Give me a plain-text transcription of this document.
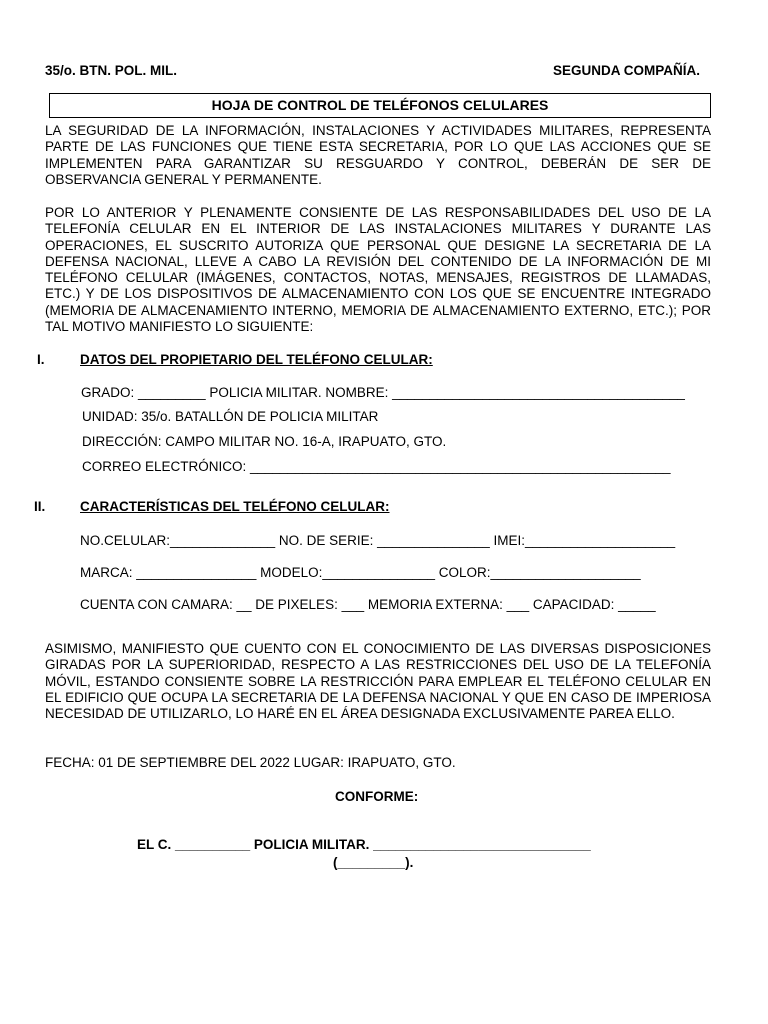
35/o. BTN. POL. MIL.	SEGUNDA COMPAÑÍA.
HOJA DE CONTROL DE TELÉFONOS CELULARES
LA SEGURIDAD DE LA INFORMACIÓN, INSTALACIONES Y ACTIVIDADES MILITARES, REPRESENTA PARTE DE LAS FUNCIONES QUE TIENE ESTA SECRETARIA, POR LO QUE LAS ACCIONES QUE SE IMPLEMENTEN PARA GARANTIZAR SU RESGUARDO Y CONTROL, DEBERÁN DE SER DE OBSERVANCIA GENERAL Y PERMANENTE.
POR LO ANTERIOR Y PLENAMENTE CONSIENTE DE LAS RESPONSABILIDADES DEL USO DE LA TELEFONÍA CELULAR EN EL INTERIOR DE LAS INSTALACIONES MILITARES Y DURANTE LAS OPERACIONES, EL SUSCRITO AUTORIZA QUE PERSONAL QUE DESIGNE LA SECRETARIA DE LA DEFENSA NACIONAL, LLEVE A CABO LA REVISIÓN DEL CONTENIDO DE LA INFORMACIÓN DE MI TELÉFONO CELULAR (IMÁGENES, CONTACTOS, NOTAS, MENSAJES, REGISTROS DE LLAMADAS, ETC.) Y DE LOS DISPOSITIVOS DE ALMACENAMIENTO CON LOS QUE SE ENCUENTRE INTEGRADO (MEMORIA DE ALMACENAMIENTO INTERNO, MEMORIA DE ALMACENAMIENTO EXTERNO, ETC.); POR TAL MOTIVO MANIFIESTO LO SIGUIENTE:
I.	DATOS DEL PROPIETARIO DEL TELÉFONO CELULAR:
GRADO: _________ POLICIA MILITAR. NOMBRE: _______________________________________
UNIDAD: 35/o. BATALLÓN DE POLICIA MILITAR
DIRECCIÓN: CAMPO MILITAR NO. 16-A, IRAPUATO, GTO.
CORREO ELECTRÓNICO: ________________________________________________________
II.	CARACTERÍSTICAS DEL TELÉFONO CELULAR:
NO.CELULAR:______________ NO. DE SERIE: _______________ IMEI:____________________
MARCA: ________________ MODELO:_______________ COLOR:____________________
CUENTA CON CAMARA: __ DE PIXELES: ___ MEMORIA EXTERNA: ___ CAPACIDAD: _____
ASIMISMO, MANIFIESTO QUE CUENTO CON EL CONOCIMIENTO DE LAS DIVERSAS DISPOSICIONES GIRADAS POR LA SUPERIORIDAD, RESPECTO A LAS RESTRICCIONES DEL USO DE LA TELEFONÍA MÓVIL, ESTANDO CONSIENTE SOBRE LA RESTRICCIÓN PARA EMPLEAR EL TELÉFONO CELULAR EN EL EDIFICIO QUE OCUPA LA SECRETARIA DE LA DEFENSA NACIONAL Y QUE EN CASO DE IMPERIOSA NECESIDAD DE UTILIZARLO, LO HARÉ EN EL ÁREA DESIGNADA EXCLUSIVAMENTE PAREA ELLO.
FECHA: 01 DE SEPTIEMBRE DEL 2022 LUGAR: IRAPUATO, GTO.
CONFORME:
EL C. __________ POLICIA MILITAR. _____________________________
(_________).
